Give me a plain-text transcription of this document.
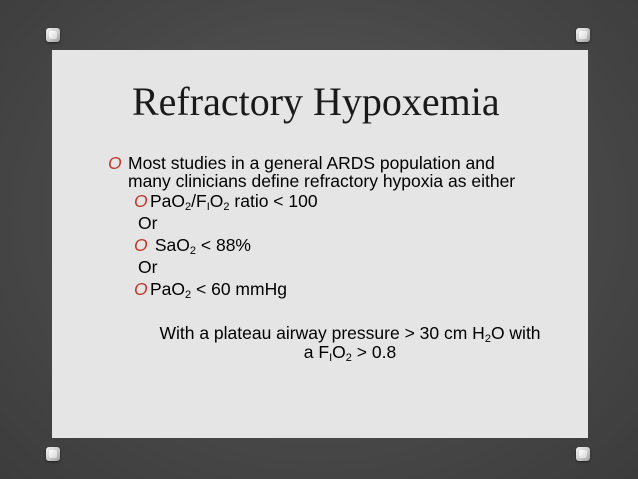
Refractory Hypoxemia
O Most studies in a general ARDS population and many clinicians define refractory hypoxia as either
O $PaO_2/F_IO_2$ ratio < 100
Or
O SaO$_2$ < 88%
Or
O PaO$_2$ < 60 mmHg
With a plateau airway pressure > 30 cm $H_2O$ with
a $F_IO_2 > 0.8$
